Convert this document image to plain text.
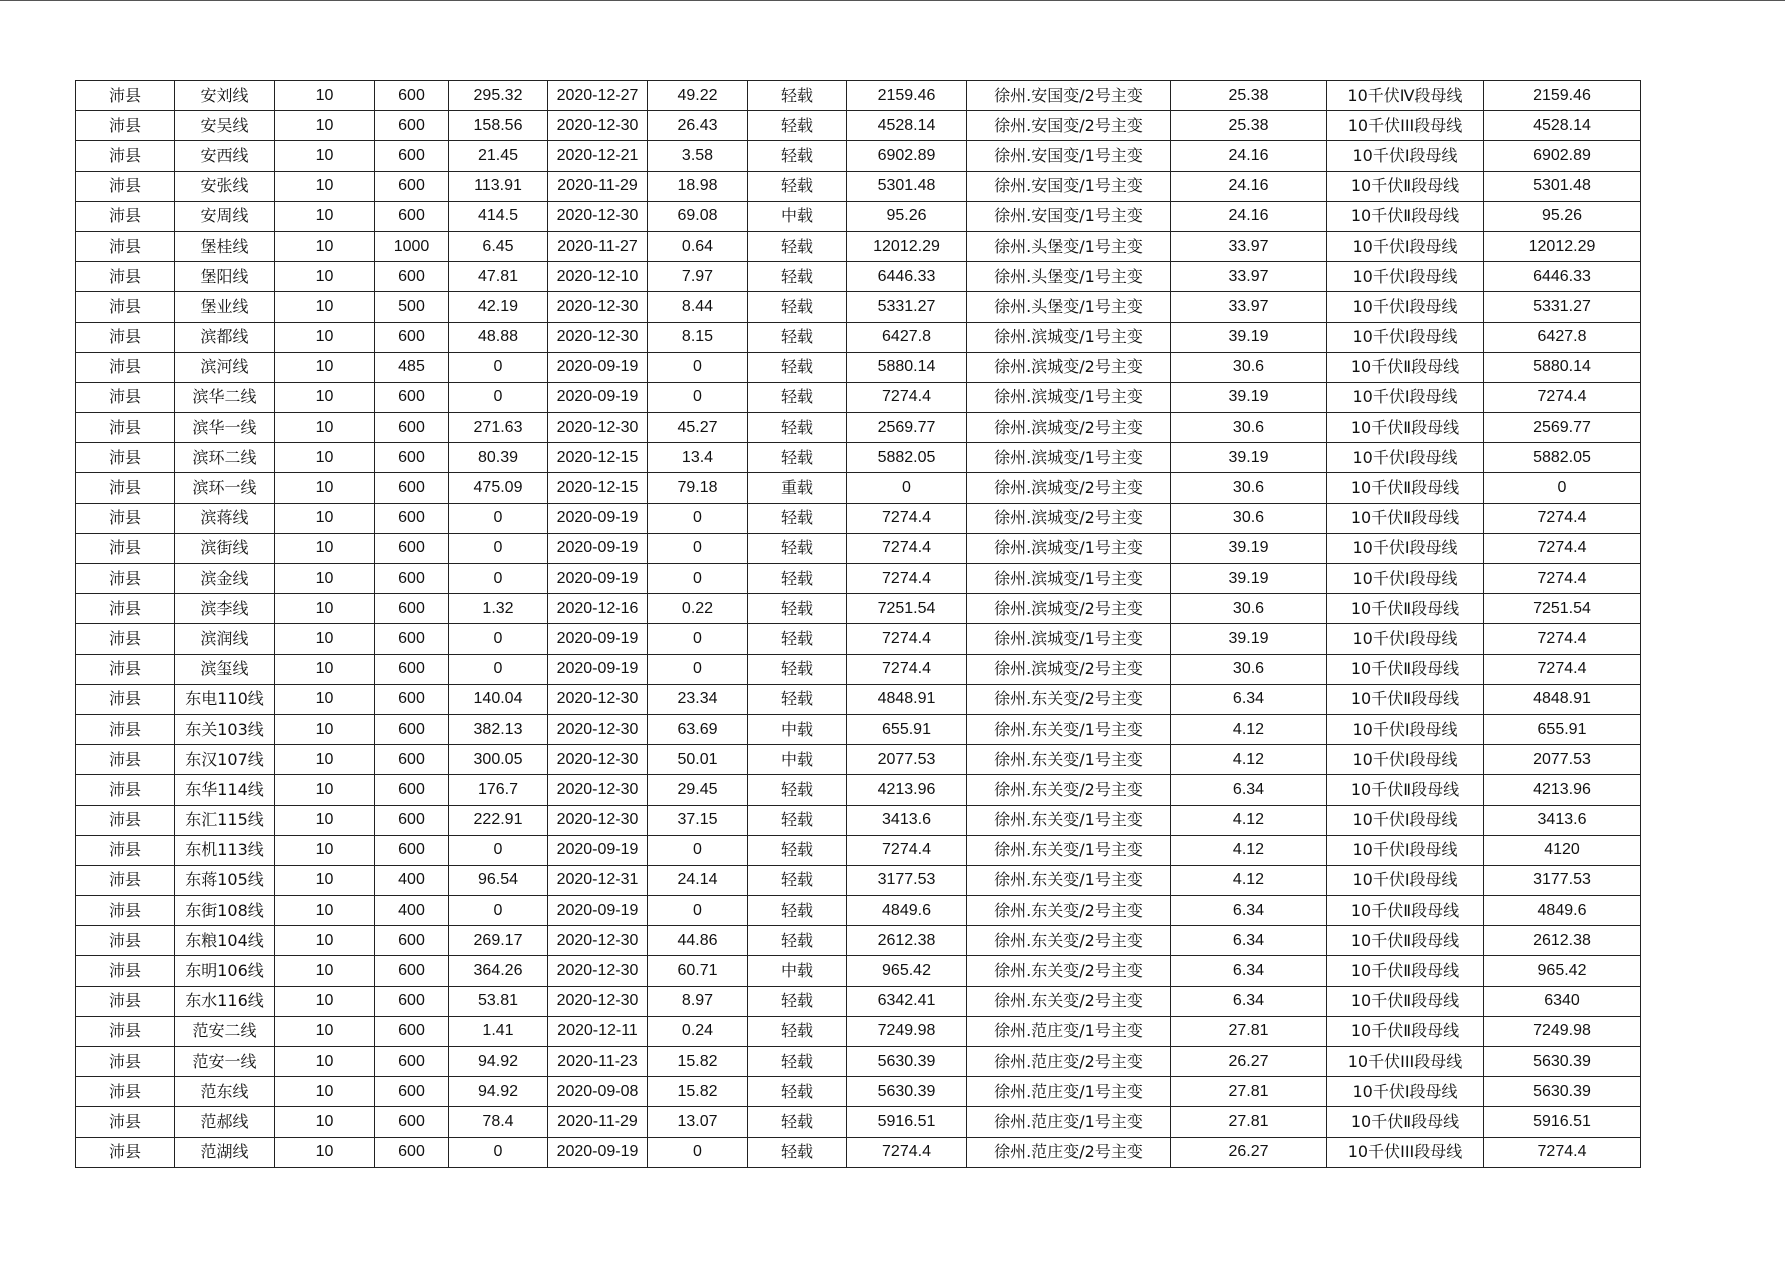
沛县	安刘线	10	600	295.32	2020-12-27	49.22	轻载	2159.46	徐州.安国变/2号主变	25.38	10千伏Ⅳ段母线	2159.46
沛县	安吴线	10	600	158.56	2020-12-30	26.43	轻载	4528.14	徐州.安国变/2号主变	25.38	10千伏III段母线	4528.14
沛县	安西线	10	600	21.45	2020-12-21	3.58	轻载	6902.89	徐州.安国变/1号主变	24.16	10千伏Ⅰ段母线	6902.89
沛县	安张线	10	600	113.91	2020-11-29	18.98	轻载	5301.48	徐州.安国变/1号主变	24.16	10千伏Ⅱ段母线	5301.48
沛县	安周线	10	600	414.5	2020-12-30	69.08	中载	95.26	徐州.安国变/1号主变	24.16	10千伏Ⅱ段母线	95.26
沛县	堡桂线	10	1000	6.45	2020-11-27	0.64	轻载	12012.29	徐州.头堡变/1号主变	33.97	10千伏Ⅰ段母线	12012.29
沛县	堡阳线	10	600	47.81	2020-12-10	7.97	轻载	6446.33	徐州.头堡变/1号主变	33.97	10千伏Ⅰ段母线	6446.33
沛县	堡业线	10	500	42.19	2020-12-30	8.44	轻载	5331.27	徐州.头堡变/1号主变	33.97	10千伏Ⅰ段母线	5331.27
沛县	滨都线	10	600	48.88	2020-12-30	8.15	轻载	6427.8	徐州.滨城变/1号主变	39.19	10千伏Ⅰ段母线	6427.8
沛县	滨河线	10	485	0	2020-09-19	0	轻载	5880.14	徐州.滨城变/2号主变	30.6	10千伏Ⅱ段母线	5880.14
沛县	滨华二线	10	600	0	2020-09-19	0	轻载	7274.4	徐州.滨城变/1号主变	39.19	10千伏Ⅰ段母线	7274.4
沛县	滨华一线	10	600	271.63	2020-12-30	45.27	轻载	2569.77	徐州.滨城变/2号主变	30.6	10千伏Ⅱ段母线	2569.77
沛县	滨环二线	10	600	80.39	2020-12-15	13.4	轻载	5882.05	徐州.滨城变/1号主变	39.19	10千伏Ⅰ段母线	5882.05
沛县	滨环一线	10	600	475.09	2020-12-15	79.18	重载	0	徐州.滨城变/2号主变	30.6	10千伏Ⅱ段母线	0
沛县	滨蒋线	10	600	0	2020-09-19	0	轻载	7274.4	徐州.滨城变/2号主变	30.6	10千伏Ⅱ段母线	7274.4
沛县	滨街线	10	600	0	2020-09-19	0	轻载	7274.4	徐州.滨城变/1号主变	39.19	10千伏Ⅰ段母线	7274.4
沛县	滨金线	10	600	0	2020-09-19	0	轻载	7274.4	徐州.滨城变/1号主变	39.19	10千伏Ⅰ段母线	7274.4
沛县	滨李线	10	600	1.32	2020-12-16	0.22	轻载	7251.54	徐州.滨城变/2号主变	30.6	10千伏Ⅱ段母线	7251.54
沛县	滨润线	10	600	0	2020-09-19	0	轻载	7274.4	徐州.滨城变/1号主变	39.19	10千伏Ⅰ段母线	7274.4
沛县	滨玺线	10	600	0	2020-09-19	0	轻载	7274.4	徐州.滨城变/2号主变	30.6	10千伏Ⅱ段母线	7274.4
沛县	东电110线	10	600	140.04	2020-12-30	23.34	轻载	4848.91	徐州.东关变/2号主变	6.34	10千伏Ⅱ段母线	4848.91
沛县	东关103线	10	600	382.13	2020-12-30	63.69	中载	655.91	徐州.东关变/1号主变	4.12	10千伏Ⅰ段母线	655.91
沛县	东汉107线	10	600	300.05	2020-12-30	50.01	中载	2077.53	徐州.东关变/1号主变	4.12	10千伏Ⅰ段母线	2077.53
沛县	东华114线	10	600	176.7	2020-12-30	29.45	轻载	4213.96	徐州.东关变/2号主变	6.34	10千伏Ⅱ段母线	4213.96
沛县	东汇115线	10	600	222.91	2020-12-30	37.15	轻载	3413.6	徐州.东关变/1号主变	4.12	10千伏Ⅰ段母线	3413.6
沛县	东机113线	10	600	0	2020-09-19	0	轻载	7274.4	徐州.东关变/1号主变	4.12	10千伏Ⅰ段母线	4120
沛县	东蒋105线	10	400	96.54	2020-12-31	24.14	轻载	3177.53	徐州.东关变/1号主变	4.12	10千伏Ⅰ段母线	3177.53
沛县	东街108线	10	400	0	2020-09-19	0	轻载	4849.6	徐州.东关变/2号主变	6.34	10千伏Ⅱ段母线	4849.6
沛县	东粮104线	10	600	269.17	2020-12-30	44.86	轻载	2612.38	徐州.东关变/2号主变	6.34	10千伏Ⅱ段母线	2612.38
沛县	东明106线	10	600	364.26	2020-12-30	60.71	中载	965.42	徐州.东关变/2号主变	6.34	10千伏Ⅱ段母线	965.42
沛县	东水116线	10	600	53.81	2020-12-30	8.97	轻载	6342.41	徐州.东关变/2号主变	6.34	10千伏Ⅱ段母线	6340
沛县	范安二线	10	600	1.41	2020-12-11	0.24	轻载	7249.98	徐州.范庄变/1号主变	27.81	10千伏Ⅱ段母线	7249.98
沛县	范安一线	10	600	94.92	2020-11-23	15.82	轻载	5630.39	徐州.范庄变/2号主变	26.27	10千伏III段母线	5630.39
沛县	范东线	10	600	94.92	2020-09-08	15.82	轻载	5630.39	徐州.范庄变/1号主变	27.81	10千伏Ⅰ段母线	5630.39
沛县	范郝线	10	600	78.4	2020-11-29	13.07	轻载	5916.51	徐州.范庄变/1号主变	27.81	10千伏Ⅱ段母线	5916.51
沛县	范湖线	10	600	0	2020-09-19	0	轻载	7274.4	徐州.范庄变/2号主变	26.27	10千伏III段母线	7274.4
